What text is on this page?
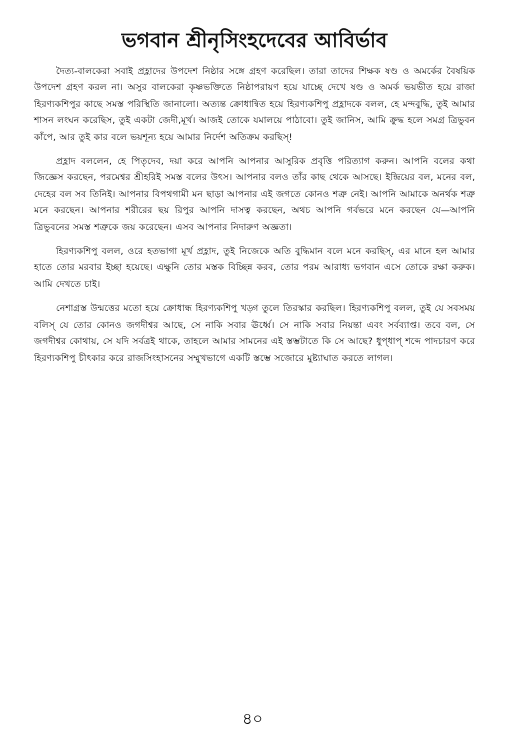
ভগবান শ্রীনৃসিংহদেবের আবির্ভাব

দৈত্য-বালকেরা সবাই প্রহ্লাদের উপদেশ নিষ্ঠার সঙ্গে গ্রহণ করেছিল। তারা তাদের শিক্ষক ষণ্ড ও অমর্কের বৈষয়িক উপদেশ গ্রহণ করল না। অসুর বালকেরা কৃষ্ণভক্তিতে নিষ্ঠাপরায়ণ হয়ে যাচ্ছে দেখে ষণ্ড ও অমর্ক ভয়ভীত হয়ে রাজা হিরণ্যকশিপুর কাছে সমস্ত পরিস্থিতি জানালো। অত্যন্ত ক্রোধান্বিত হয়ে হিরণ্যকশিপু প্রহ্লাদকে বলল, হে মন্দবুদ্ধি, তুই আমার শাসন লংঘন করেছিস, তুই একটা জেদী,মূর্খ। আজই তোকে যমালয়ে পাঠাবো। তুই জানিস, আমি ক্রুদ্ধ হলে সমগ্র ত্রিভুবন কাঁপে, আর তুই কার বলে ভয়শূন্য হয়ে আমার নির্দেশ অতিক্রম করছিস্‌!

প্রহ্লাদ বললেন, হে পিতৃদেব, দয়া করে আপনি আপনার আসুরিক প্রবৃত্তি পরিত্যাগ করুন। আপনি বলের কথা জিজ্ঞেস করছেন, পরমেশ্বর শ্রীহরিই সমস্ত বলের উৎস। আপনার বলও তাঁর কাছ থেকে আসছে। ইন্দ্রিয়ের বল, মনের বল, দেহের বল সব তিনিই। আপনার বিপথগামী মন ছাড়া আপনার এই জগতে কোনও শত্রু নেই। আপনি আমাকে অনর্থক শত্রু মনে করছেন। আপনার শরীরের ছয় রিপুর আপনি দাসত্ব করছেন, অথচ আপনি গর্বভরে মনে করছেন যে—আপনি ত্রিভুবনের সমস্ত শত্রুকে জয় করেছেন। এসব আপনার নিদারুণ অজ্ঞতা।

হিরণ্যকশিপু বলল, ওরে হতভাগা মূর্খ প্রহ্লাদ, তুই নিজেকে অতি বুদ্ধিমান বলে মনে করছিস্‌, এর মানে হল আমার হাতে তোর মরবার ইচ্ছা হয়েছে। এক্ষুনি তোর মস্তক বিচ্ছিন্ন করব, তোর পরম আরাধ্য ভগবান এসে তোকে রক্ষা করুক। আমি দেখতে চাই।

নেশাগ্রস্ত উন্মত্তের মতো হয়ে ক্রোধান্ধ হিরণ্যকশিপু খড়্গ তুলে তিরস্কার করছিল। হিরণ্যকশিপু বলল, তুই যে সবসময় বলিস্‌ যে তোর কোনও জগদীশ্বর আছে, সে নাকি সবার ঊর্ধ্বে। সে নাকি সবার নিয়ন্তা এবং সর্বব্যাপ্ত। তবে বল, সে জগদীশ্বর কোথায়, সে যদি সর্বত্রই থাকে, তাহলে আমার সামনের এই স্তম্ভটাতে কি সে আছে? ধুপ্‌ধাপ্‌ শব্দে পাদচারণ করে হিরণ্যকশিপু চীৎকার করে রাজসিংহাসনের সম্মুখভাগে একটি স্তম্ভে সজোরে মুষ্ট্যাঘাত করতে লাগল।

৪০
